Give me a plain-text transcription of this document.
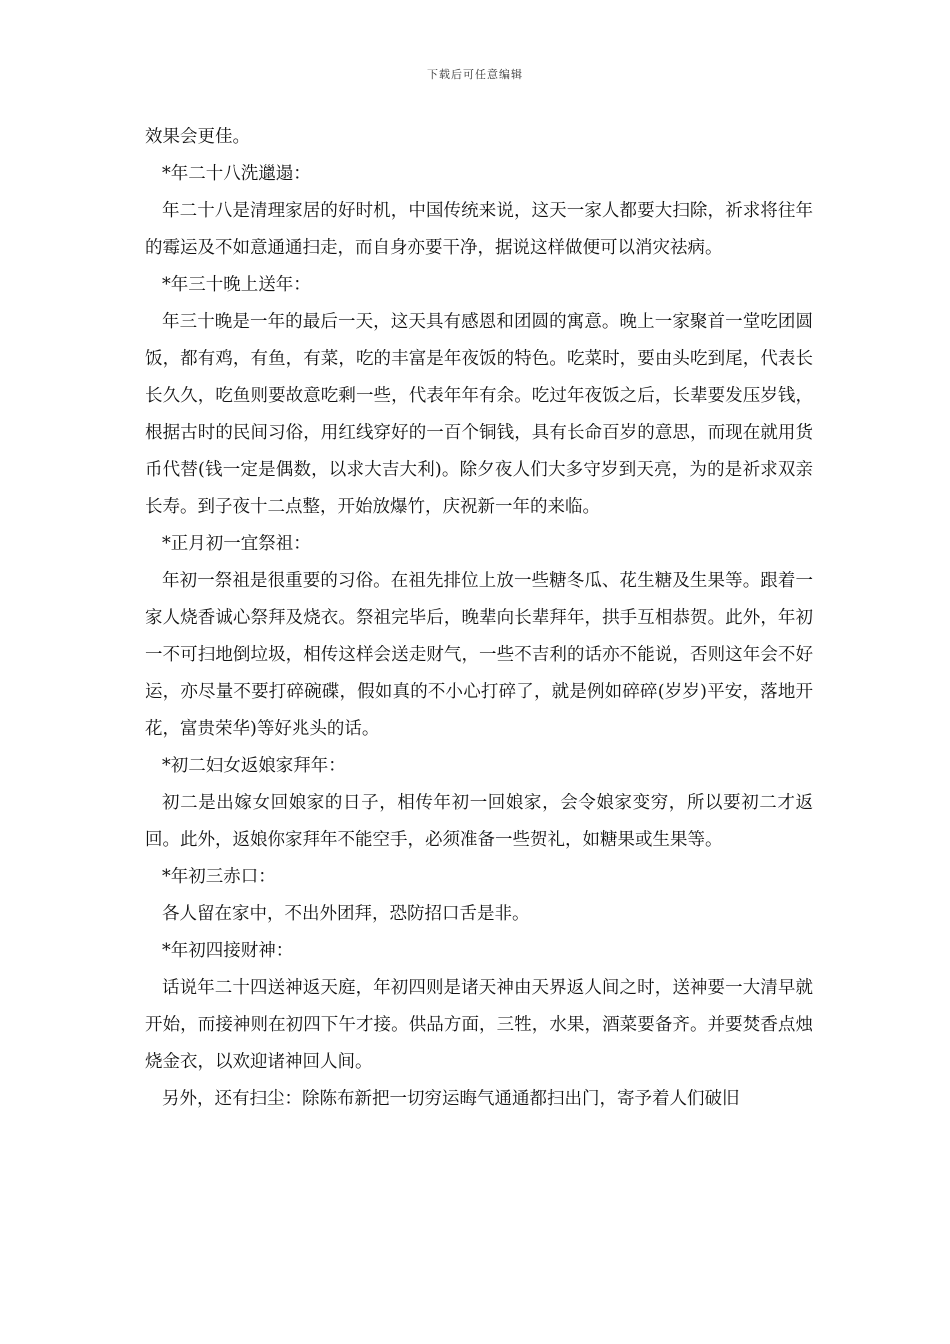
下载后可任意编辑

效果会更佳。

*年二十八洗邋遢：

年二十八是清理家居的好时机，中国传统来说，这天一家人都要大扫除，祈求将往年的霉运及不如意通通扫走，而自身亦要干净，据说这样做便可以消灾祛病。

*年三十晚上送年：

年三十晚是一年的最后一天，这天具有感恩和团圆的寓意。晚上一家聚首一堂吃团圆饭，都有鸡，有鱼，有菜，吃的丰富是年夜饭的特色。吃菜时，要由头吃到尾，代表长长久久，吃鱼则要故意吃剩一些，代表年年有余。吃过年夜饭之后，长辈要发压岁钱，根据古时的民间习俗，用红线穿好的一百个铜钱，具有长命百岁的意思，而现在就用货币代替(钱一定是偶数，以求大吉大利)。除夕夜人们大多守岁到天亮，为的是祈求双亲长寿。到子夜十二点整，开始放爆竹，庆祝新一年的来临。

*正月初一宜祭祖：

年初一祭祖是很重要的习俗。在祖先排位上放一些糖冬瓜、花生糖及生果等。跟着一家人烧香诚心祭拜及烧衣。祭祖完毕后，晚辈向长辈拜年，拱手互相恭贺。此外，年初一不可扫地倒垃圾，相传这样会送走财气，一些不吉利的话亦不能说，否则这年会不好运，亦尽量不要打碎碗碟，假如真的不小心打碎了，就是例如碎碎(岁岁)平安，落地开花，富贵荣华)等好兆头的话。

*初二妇女返娘家拜年：

初二是出嫁女回娘家的日子，相传年初一回娘家，会令娘家变穷，所以要初二才返回。此外，返娘你家拜年不能空手，必须准备一些贺礼，如糖果或生果等。

*年初三赤口：

各人留在家中，不出外团拜，恐防招口舌是非。

*年初四接财神：

话说年二十四送神返天庭，年初四则是诸天神由天界返人间之时，送神要一大清早就开始，而接神则在初四下午才接。供品方面，三牲，水果，酒菜要备齐。并要焚香点烛烧金衣，以欢迎诸神回人间。

另外，还有扫尘：除陈布新把一切穷运晦气通通都扫出门，寄予着人们破旧
